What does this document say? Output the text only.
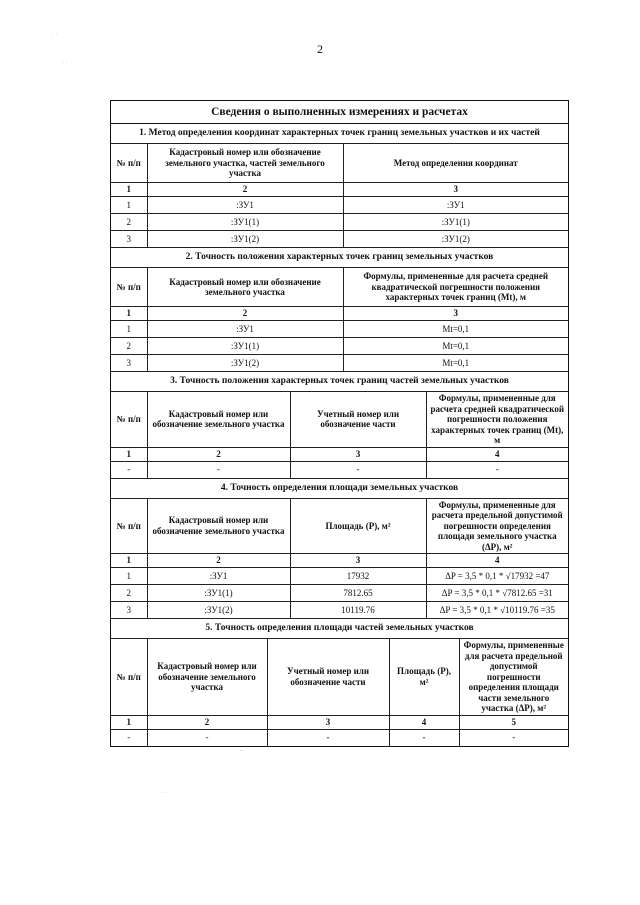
2
· ·
· ·
-
· ·
Сведения о выполненных измерениях и расчетах
1. Метод определения координат характерных точек границ земельных участков и их частей		
№ п/п	Кадастровый номер или обозначение земельного участка, частей земельного участка	Метод определения координат
1	2	3
1	:ЗУ1	:ЗУ1
2	:ЗУ1(1)	:ЗУ1(1)
3	:ЗУ1(2)	:ЗУ1(2)
2. Точность положения характерных точек границ земельных участков		
№ п/п	Кадастровый номер или обозначение земельного участка	Формулы, примененные для расчета средней квадратической погрешности положения характерных точек границ (Mt), м
1	2	3
1	:ЗУ1	Mt=0,1
2	:ЗУ1(1)	Mt=0,1
3	:ЗУ1(2)	Mt=0,1
3. Точность положения характерных точек границ частей земельных участков			
№ п/п	Кадастровый номер или обозначение земельного участка	Учетный номер или обозначение части	Формулы, примененные для расчета средней квадратической погрешности положения характерных точек границ (Mt), м
1	2	3	4
-	-	-	-
4. Точность определения площади земельных участков			
№ п/п	Кадастровый номер или обозначение земельного участка	Площадь (P), м²	Формулы, примененные для расчета предельной допустимой погрешности определения площади земельного участка (ΔP), м²
1	2	3	4
1	:ЗУ1	17932	ΔP = 3,5 * 0,1 * √17932 =47
2	:ЗУ1(1)	7812.65	ΔP = 3,5 * 0,1 * √7812.65 =31
3	:ЗУ1(2)	10119.76	ΔP = 3,5 * 0,1 * √10119.76 =35
5. Точность определения площади частей земельных участков				
№ п/п	Кадастровый номер или обозначение земельного участка	Учетный номер или обозначение части	Площадь (P), м²	Формулы, примененные для расчета предельной допустимой погрешности определения площади части земельного участка (ΔP), м²
1	2	3	4	5
-	-	-	-	-
